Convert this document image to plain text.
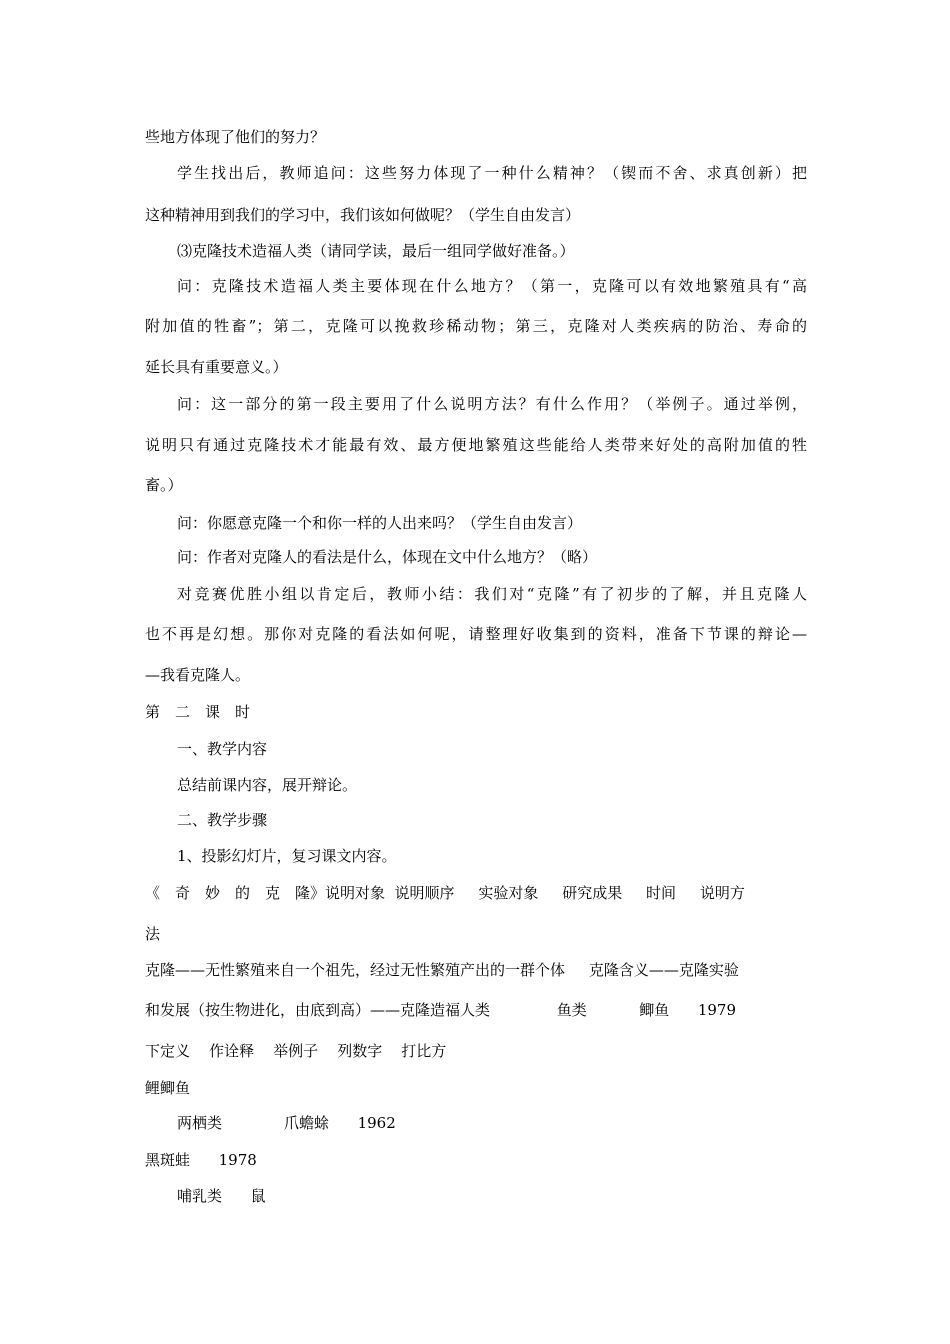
些地方体现了他们的努力？
学生找出后，教师追问：这些努力体现了一种什么精神？（锲而不舍、求真创新）把
这种精神用到我们的学习中，我们该如何做呢？（学生自由发言）
⑶克隆技术造福人类（请同学读，最后一组同学做好准备。）
问：克隆技术造福人类主要体现在什么地方？（第一，克隆可以有效地繁殖具有“高
附加值的牲畜”；第二，克隆可以挽救珍稀动物；第三，克隆对人类疾病的防治、寿命的
延长具有重要意义。）
问：这一部分的第一段主要用了什么说明方法？有什么作用？（举例子。通过举例，
说明只有通过克隆技术才能最有效、最方便地繁殖这些能给人类带来好处的高附加值的牲
畜。）
问：你愿意克隆一个和你一样的人出来吗？（学生自由发言）
问：作者对克隆人的看法是什么，体现在文中什么地方？（略）
对竞赛优胜小组以肯定后，教师小结：我们对“克隆”有了初步的了解，并且克隆人
也不再是幻想。那你对克隆的看法如何呢，请整理好收集到的资料，准备下节课的辩论—
—我看克隆人。
第　二　课　时
一、教学内容
总结前课内容，展开辩论。
二、教学步骤
1、投影幻灯片，复习课文内容。
《　奇　妙　的　克　隆》说明对象  说明顺序     实验对象     研究成果     时间     说明方
法
克隆——无性繁殖来自一个祖先，经过无性繁殖产出的一群个体     克隆含义——克隆实验
和发展（按生物进化，由底到高）——克隆造福人类              鱼类           鲫鱼      1979
下定义    作诠释    举例子    列数字    打比方
鲤鲫鱼
两栖类             爪蟾蜍      1962
黑斑蛙      1978
哺乳类      鼠
